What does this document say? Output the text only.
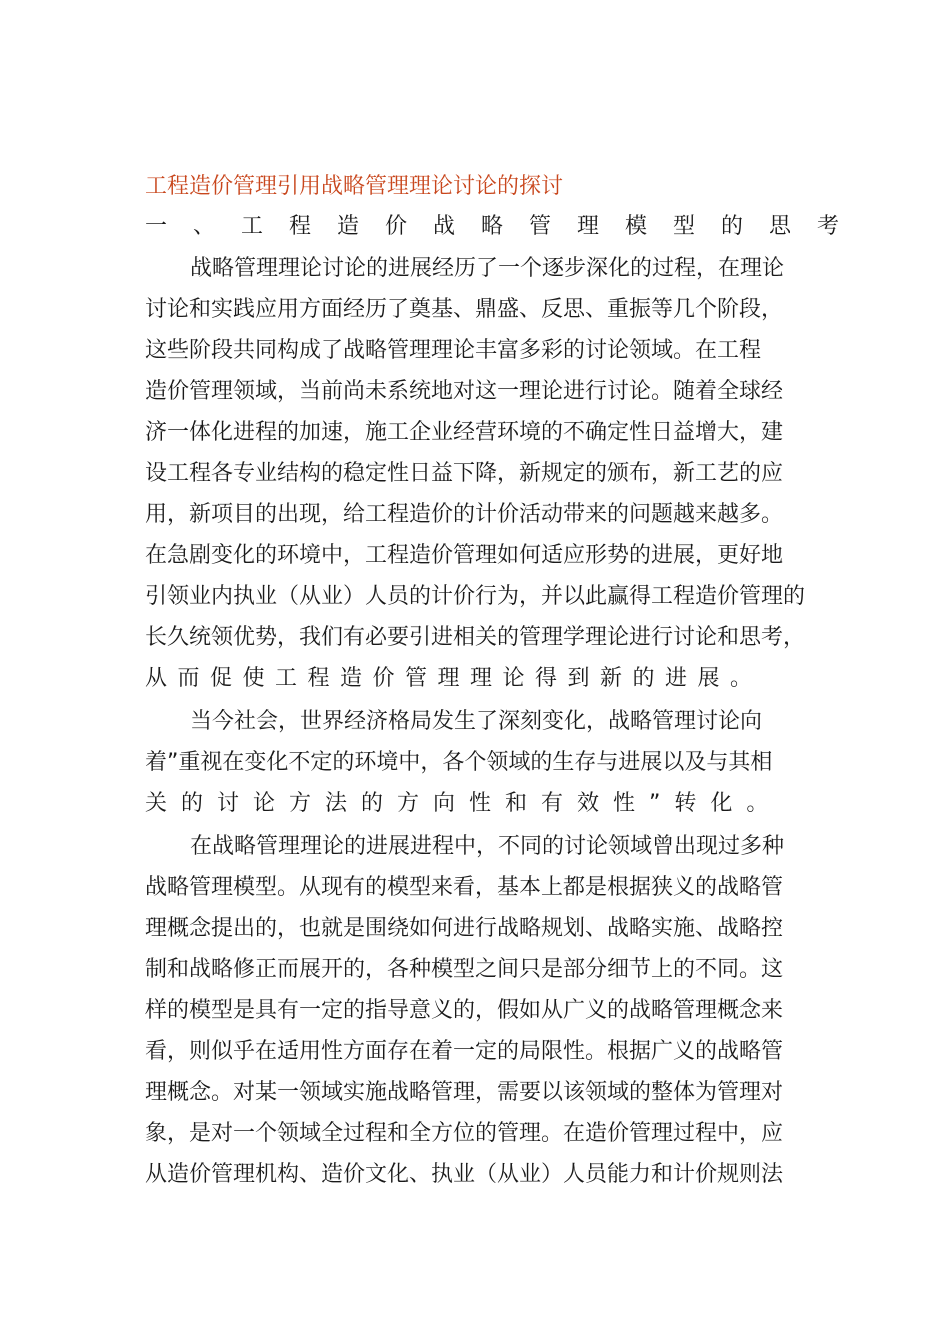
工程造价管理引用战略管理理论讨论的探讨
一、工程造价战略管理模型的思考
战略管理理论讨论的进展经历了一个逐步深化的过程，在理论
讨论和实践应用方面经历了奠基、鼎盛、反思、重振等几个阶段，
这些阶段共同构成了战略管理理论丰富多彩的讨论领域。在工程
造价管理领域，当前尚未系统地对这一理论进行讨论。随着全球经
济一体化进程的加速，施工企业经营环境的不确定性日益增大，建
设工程各专业结构的稳定性日益下降，新规定的颁布，新工艺的应
用，新项目的出现，给工程造价的计价活动带来的问题越来越多。
在急剧变化的环境中，工程造价管理如何适应形势的进展，更好地
引领业内执业（从业）人员的计价行为，并以此赢得工程造价管理的
长久统领优势，我们有必要引进相关的管理学理论进行讨论和思考，
从而促使工程造价管理理论得到新的进展。
当今社会，世界经济格局发生了深刻变化，战略管理讨论向
着”重视在变化不定的环境中，各个领域的生存与进展以及与其相
关的讨论方法的方向性和有效性”转化。
在战略管理理论的进展进程中，不同的讨论领域曾出现过多种
战略管理模型。从现有的模型来看，基本上都是根据狭义的战略管
理概念提出的，也就是围绕如何进行战略规划、战略实施、战略控
制和战略修正而展开的，各种模型之间只是部分细节上的不同。这
样的模型是具有一定的指导意义的，假如从广义的战略管理概念来
看，则似乎在适用性方面存在着一定的局限性。根据广义的战略管
理概念。对某一领域实施战略管理，需要以该领域的整体为管理对
象，是对一个领域全过程和全方位的管理。在造价管理过程中，应
从造价管理机构、造价文化、执业（从业）人员能力和计价规则法
